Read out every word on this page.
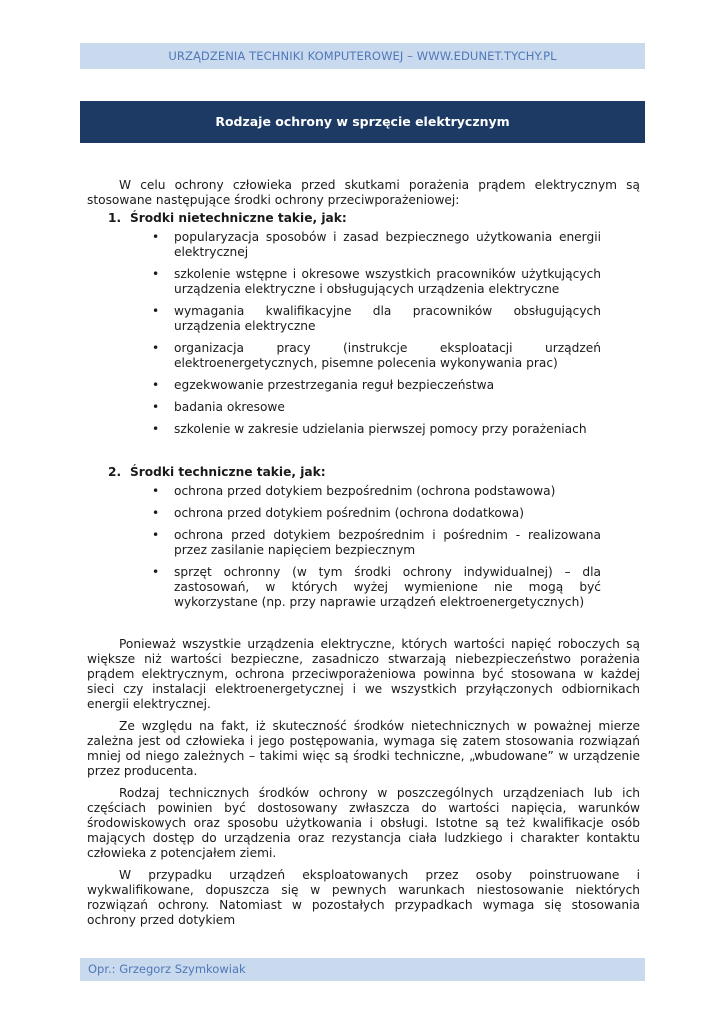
URZĄDZENIA TECHNIKI KOMPUTEROWEJ – WWW.EDUNET.TYCHY.PL
Rodzaje ochrony w sprzęcie elektrycznym

W celu ochrony człowieka przed skutkami porażenia prądem elektrycznym są stosowane następujące środki ochrony przeciwporażeniowej:

1. Środki nietechniczne takie, jak:
• popularyzacja sposobów i zasad bezpiecznego użytkowania energii elektrycznej
• szkolenie wstępne i okresowe wszystkich pracowników użytkujących urządzenia elektryczne i obsługujących urządzenia elektryczne
• wymagania kwalifikacyjne dla pracowników obsługujących urządzenia elektryczne
• organizacja pracy (instrukcje eksploatacji urządzeń elektroenergetycznych, pisemne polecenia wykonywania prac)
• egzekwowanie przestrzegania reguł bezpieczeństwa
• badania okresowe
• szkolenie w zakresie udzielania pierwszej pomocy przy porażeniach
2. Środki techniczne takie, jak:
• ochrona przed dotykiem bezpośrednim (ochrona podstawowa)
• ochrona przed dotykiem pośrednim (ochrona dodatkowa)
• ochrona przed dotykiem bezpośrednim i pośrednim - realizowana przez zasilanie napięciem bezpiecznym
• sprzęt ochronny (w tym środki ochrony indywidualnej) – dla zastosowań, w których wyżej wymienione nie mogą być wykorzystane (np. przy naprawie urządzeń elektroenergetycznych)

Ponieważ wszystkie urządzenia elektryczne, których wartości napięć roboczych są większe niż wartości bezpieczne, zasadniczo stwarzają niebezpieczeństwo porażenia prądem elektrycznym, ochrona przeciwporażeniowa powinna być stosowana w każdej sieci czy instalacji elektroenergetycznej i we wszystkich przyłączonych odbiornikach energii elektrycznej.

Ze względu na fakt, iż skuteczność środków nietechnicznych w poważnej mierze zależna jest od człowieka i jego postępowania, wymaga się zatem stosowania rozwiązań mniej od niego zależnych – takimi więc są środki techniczne, „wbudowane” w urządzenie przez producenta.

Rodzaj technicznych środków ochrony w poszczególnych urządzeniach lub ich częściach powinien być dostosowany zwłaszcza do wartości napięcia, warunków środowiskowych oraz sposobu użytkowania i obsługi. Istotne są też kwalifikacje osób mających dostęp do urządzenia oraz rezystancja ciała ludzkiego i charakter kontaktu człowieka z potencjałem ziemi.

W przypadku urządzeń eksploatowanych przez osoby poinstruowane i wykwalifikowane, dopuszcza się w pewnych warunkach niestosowanie niektórych rozwiązań ochrony. Natomiast w pozostałych przypadkach wymaga się stosowania ochrony przed dotykiem

Opr.: Grzegorz Szymkowiak
